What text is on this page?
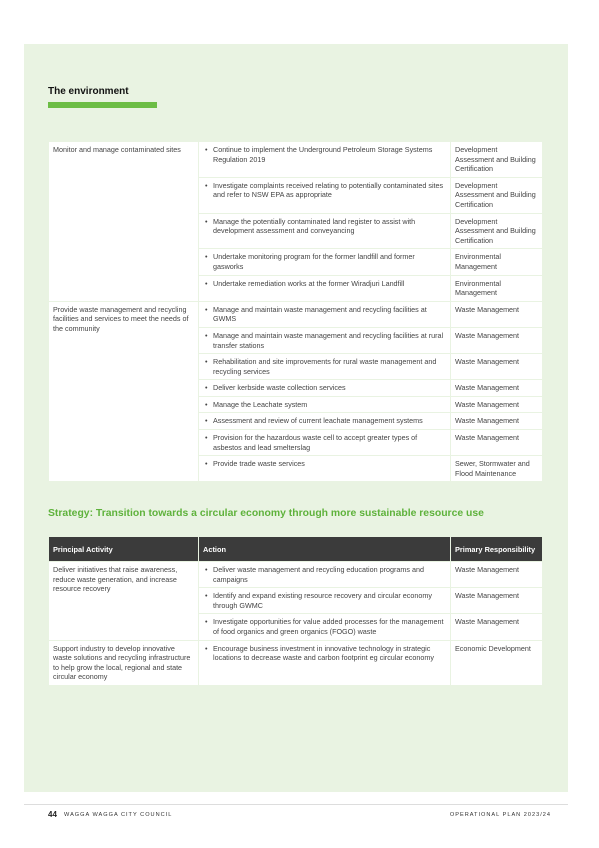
The environment
Monitor and manage contaminated sites	• Continue to implement the Underground Petroleum Storage Systems Regulation 2019	Development Assessment and Building Certification

	• Investigate complaints received relating to potentially contaminated sites and refer to NSW EPA as appropriate	Development Assessment and Building Certification

	• Manage the potentially contaminated land register to assist with development assessment and conveyancing	Development Assessment and Building Certification

	• Undertake monitoring program for the former landfill and former gasworks	Environmental Management

	• Undertake remediation works at the former Wiradjuri Landfill	Environmental Management
Provide waste management and recycling facilities and services to meet the needs of the community	• Manage and maintain waste management and recycling facilities at GWMS	Waste Management

	• Manage and maintain waste management and recycling facilities at rural transfer stations	Waste Management

	• Rehabilitation and site improvements for rural waste management and recycling services	Waste Management

	• Deliver kerbside waste collection services	Waste Management

	• Manage the Leachate system	Waste Management

	• Assessment and review of current leachate management systems	Waste Management

	• Provision for the hazardous waste cell to accept greater types of asbestos and lead smelterslag	Waste Management

	• Provide trade waste services	Sewer, Stormwater and Flood Maintenance
Strategy: Transition towards a circular economy through more sustainable resource use
Principal Activity	Action	Primary Responsibility
Deliver initiatives that raise awareness, reduce waste generation, and increase resource recovery	• Deliver waste management and recycling education programs and campaigns	Waste Management

	• Identify and expand existing resource recovery and circular economy through GWMC	Waste Management

	• Investigate opportunities for value added processes for the management of food organics and green organics (FOGO) waste	Waste Management
Support industry to develop innovative waste solutions and recycling infrastructure to help grow the local, regional and state circular economy	• Encourage business investment in innovative technology in strategic locations to decrease waste and carbon footprint eg circular economy	Economic Development
44 WAGGA WAGGA CITY COUNCIL	OPERATIONAL PLAN 2023/24
